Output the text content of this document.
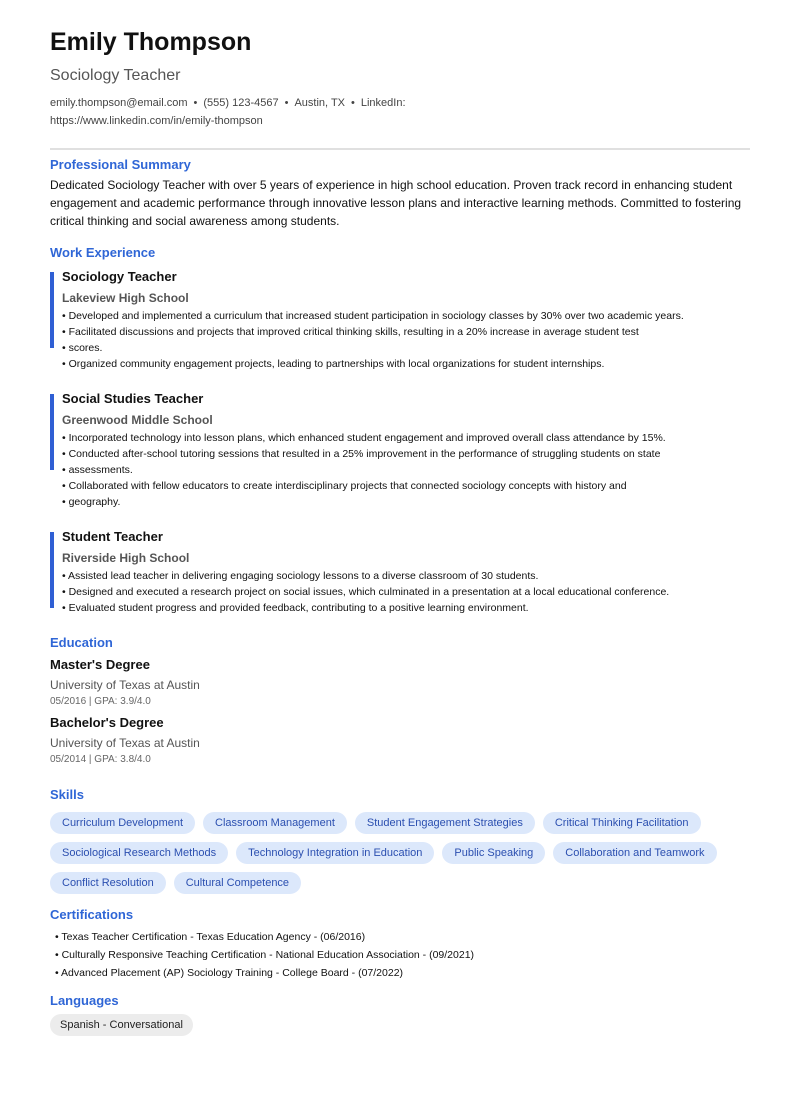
Emily Thompson
Sociology Teacher
emily.thompson@email.com • (555) 123-4567 • Austin, TX • LinkedIn:
https://www.linkedin.com/in/emily-thompson
Professional Summary

Dedicated Sociology Teacher with over 5 years of experience in high school education. Proven track record in enhancing student engagement and academic performance through innovative lesson plans and interactive learning methods. Committed to fostering critical thinking and social awareness among students.

Work Experience
Sociology Teacher
Lakeview High School
• Developed and implemented a curriculum that increased student participation in sociology classes by 30% over two academic years.
• Facilitated discussions and projects that improved critical thinking skills, resulting in a 20% increase in average student test
• scores.
• Organized community engagement projects, leading to partnerships with local organizations for student internships.
Social Studies Teacher
Greenwood Middle School
• Incorporated technology into lesson plans, which enhanced student engagement and improved overall class attendance by 15%.
• Conducted after-school tutoring sessions that resulted in a 25% improvement in the performance of struggling students on state
• assessments.
• Collaborated with fellow educators to create interdisciplinary projects that connected sociology concepts with history and
• geography.
Student Teacher
Riverside High School
• Assisted lead teacher in delivering engaging sociology lessons to a diverse classroom of 30 students.
• Designed and executed a research project on social issues, which culminated in a presentation at a local educational conference.
• Evaluated student progress and provided feedback, contributing to a positive learning environment.
Education
Master's Degree
University of Texas at Austin
05/2016 | GPA: 3.9/4.0
Bachelor's Degree
University of Texas at Austin
05/2014 | GPA: 3.8/4.0
Skills
Curriculum Development	Classroom Management	Student Engagement Strategies	Critical Thinking Facilitation
Sociological Research Methods	Technology Integration in Education	Public Speaking	Collaboration and Teamwork
Conflict Resolution	Cultural Competence
Certifications
• Texas Teacher Certification - Texas Education Agency - (06/2016)
• Culturally Responsive Teaching Certification - National Education Association - (09/2021)
• Advanced Placement (AP) Sociology Training - College Board - (07/2022)
Languages
Spanish - Conversational
